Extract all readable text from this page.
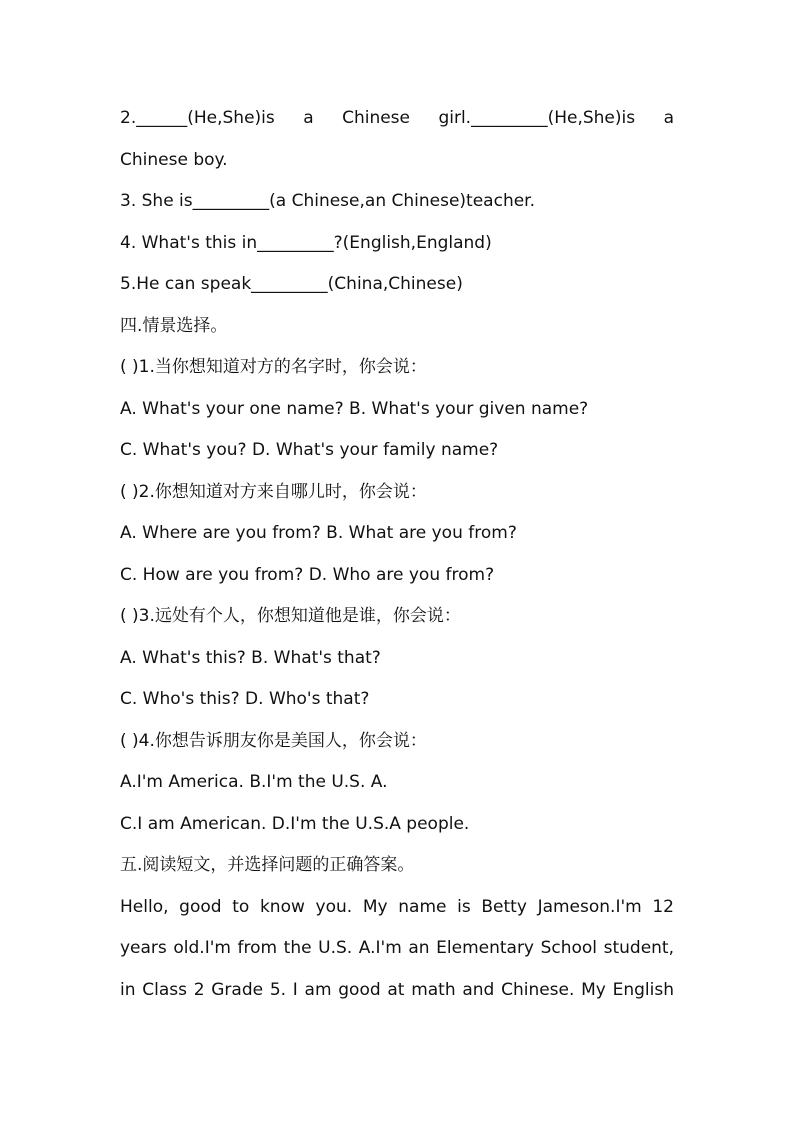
2.______(He,She)is a Chinese girl._________(He,She)is a
Chinese boy.
3. She is_________(a Chinese,an Chinese)teacher.
4. What's this in_________?(English,England)
5.He can speak_________(China,Chinese)
四.情景选择。
( )1.当你想知道对方的名字时，你会说：
A. What's your one name? B. What's your given name?
C. What's you? D. What's your family name?
( )2.你想知道对方来自哪儿时，你会说：
A. Where are you from? B. What are you from?
C. How are you from? D. Who are you from?
( )3.远处有个人，你想知道他是谁，你会说：
A. What's this? B. What's that?
C. Who's this? D. Who's that?
( )4.你想告诉朋友你是美国人，你会说：
A.I'm America. B.I'm the U.S. A.
C.I am American. D.I'm the U.S.A people.
五.阅读短文，并选择问题的正确答案。
Hello, good to know you. My name is Betty Jameson.I'm 12
years old.I'm from the U.S. A.I'm an Elementary School student,
in Class 2 Grade 5. I am good at math and Chinese. My English
